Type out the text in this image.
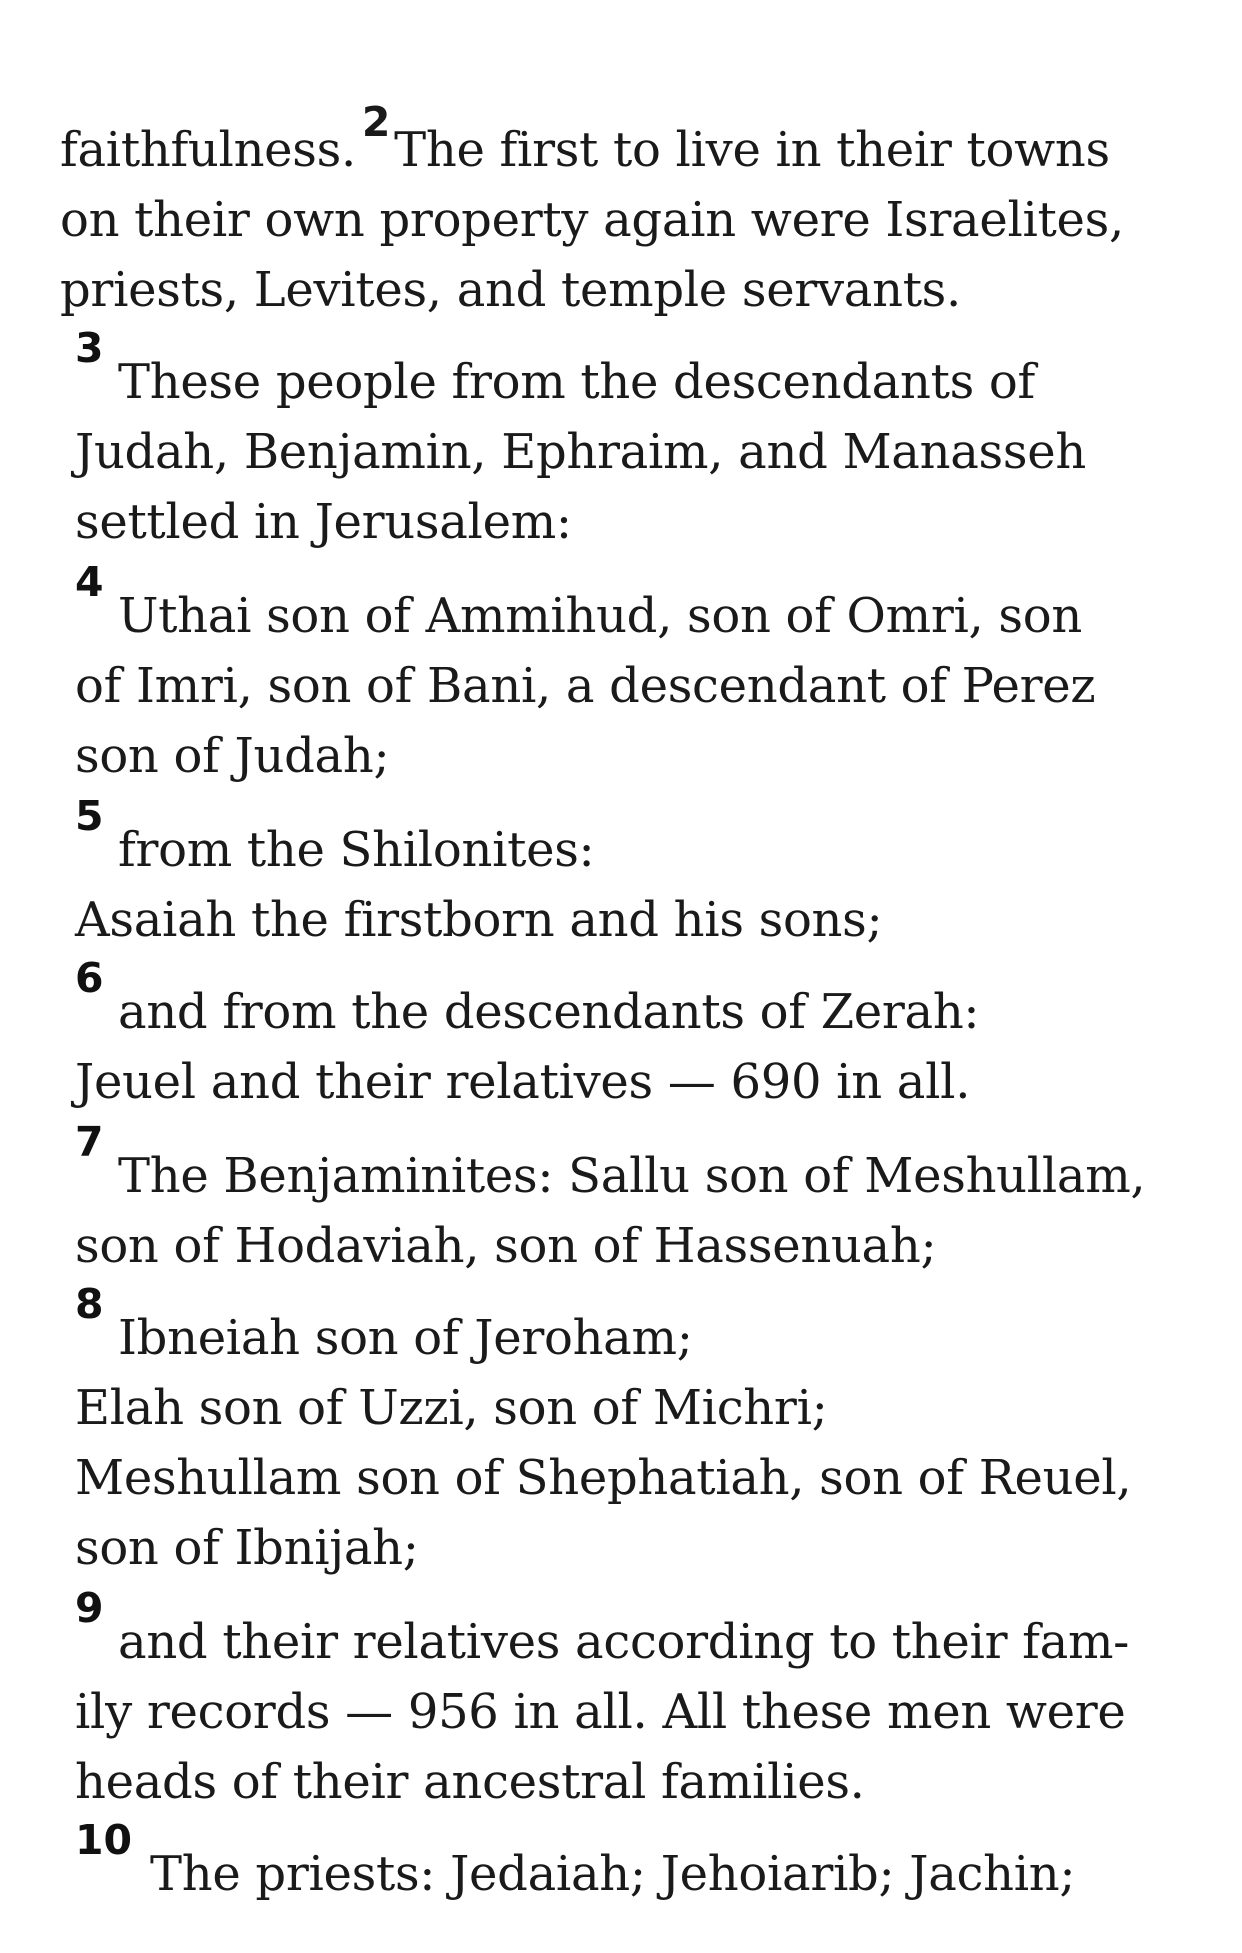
faithfulness. 2The first to live in their towns
on their own property again were Israelites,
priests, Levites, and temple servants.
3
These people from the descendants of
Judah, Benjamin, Ephraim, and Manasseh
settled in Jerusalem:
4
Uthai son of Ammihud, son of Omri, son
of Imri, son of Bani, a descendant of Perez
son of Judah;
5
from the Shilonites:
Asaiah the firstborn and his sons;
6
and from the descendants of Zerah:
Jeuel and their relatives — 690 in all.
7
The Benjaminites: Sallu son of Meshullam,
son of Hodaviah, son of Hassenuah;
8
Ibneiah son of Jeroham;
Elah son of Uzzi, son of Michri;
Meshullam son of Shephatiah, son of Reuel,
son of Ibnijah;
9
and their relatives according to their fam-
ily records — 956 in all. All these men were
heads of their ancestral families.
10
The priests: Jedaiah; Jehoiarib; Jachin;
